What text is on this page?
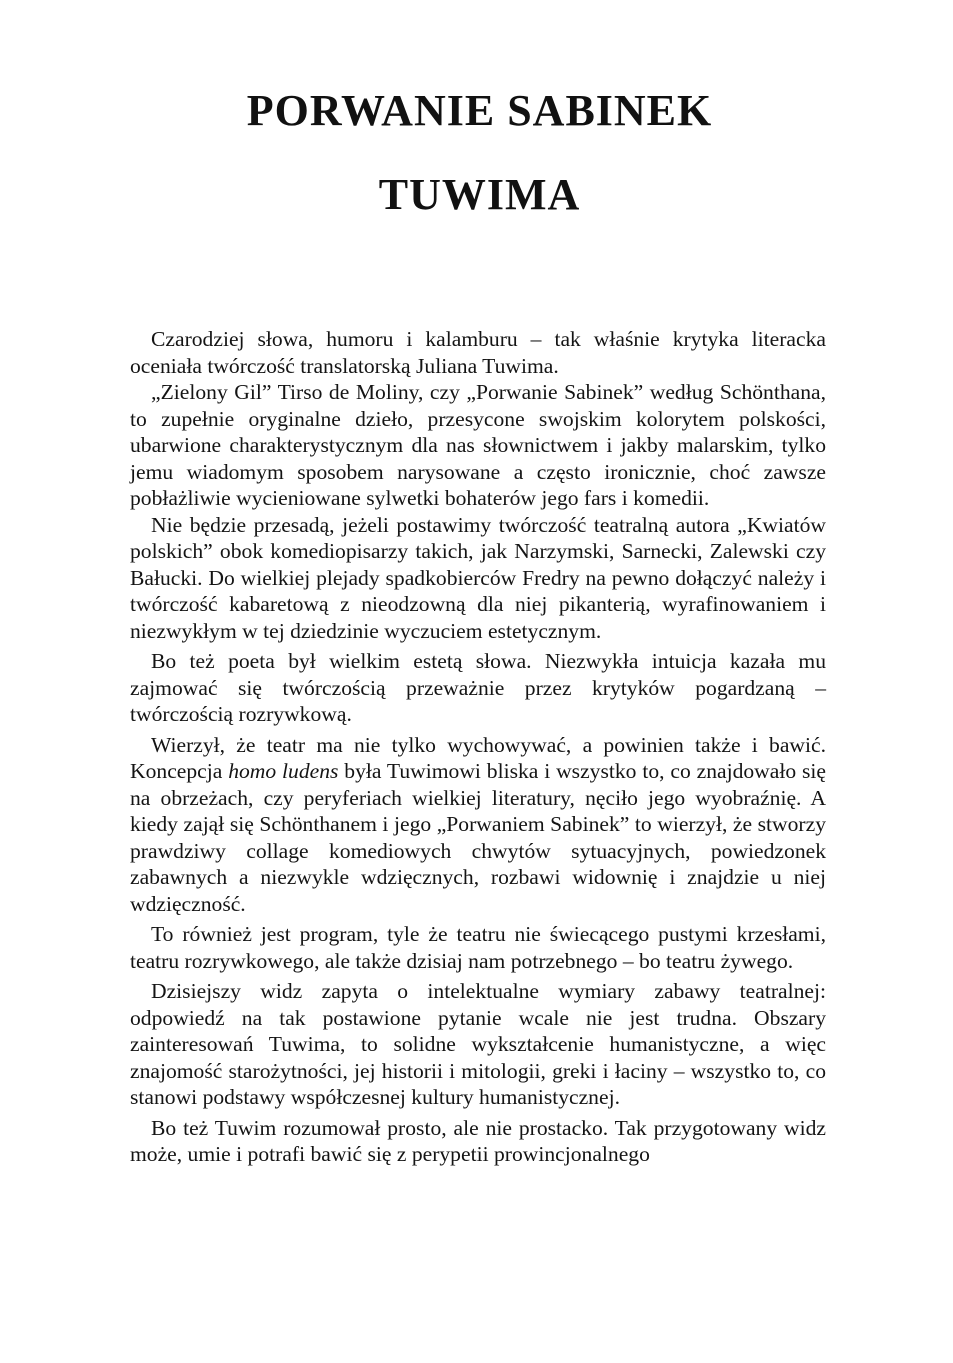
PORWANIE SABINEK
TUWIMA

Czarodziej słowa, humoru i kalamburu – tak właśnie krytyka literacka oceniała twórczość translatorską Juliana Tuwima.

„Zielony Gil” Tirso de Moliny, czy „Porwanie Sabinek” według Schönthana, to zupełnie oryginalne dzieło, przesycone swojskim kolorytem polskości, ubarwione charakterystycznym dla nas słownictwem i jakby malarskim, tylko jemu wiadomym sposobem narysowane a często ironicznie, choć zawsze pobłażliwie wycieniowane sylwetki bohaterów jego fars i komedii.

Nie będzie przesadą, jeżeli postawimy twórczość teatralną autora „Kwiatów polskich” obok komediopisarzy takich, jak Narzymski, Sarnecki, Zalewski czy Bałucki. Do wielkiej plejady spadkobierców Fredry na pewno dołączyć należy i twórczość kabaretową z nieodzowną dla niej pikanterią, wyrafinowaniem i niezwykłym w tej dziedzinie wyczuciem estetycznym.

Bo też poeta był wielkim estetą słowa. Niezwykła intuicja kazała mu zajmować się twórczością przeważnie przez krytyków pogardzaną – twórczością rozrywkową.

Wierzył, że teatr ma nie tylko wychowywać, a powinien także i bawić. Koncepcja homo ludens była Tuwimowi bliska i wszystko to, co znajdowało się na obrzeżach, czy peryferiach wielkiej literatury, nęciło jego wyobraźnię. A kiedy zajął się Schönthanem i jego „Porwaniem Sabinek” to wierzył, że stworzy prawdziwy collage komediowych chwytów sytuacyjnych, powiedzonek zabawnych a niezwykle wdzięcznych, rozbawi widownię i znajdzie u niej wdzięczność.

To również jest program, tyle że teatru nie świecącego pustymi krzesłami, teatru rozrywkowego, ale także dzisiaj nam potrzebnego – bo teatru żywego.

Dzisiejszy widz zapyta o intelektualne wymiary zabawy teatralnej: odpowiedź na tak postawione pytanie wcale nie jest trudna. Obszary zainteresowań Tuwima, to solidne wykształcenie humanistyczne, a więc znajomość starożytności, jej historii i mitologii, greki i łaciny – wszystko to, co stanowi podstawy współczesnej kultury humanistycznej.

Bo też Tuwim rozumował prosto, ale nie prostacko. Tak przygotowany widz może, umie i potrafi bawić się z perypetii prowincjonalnego
